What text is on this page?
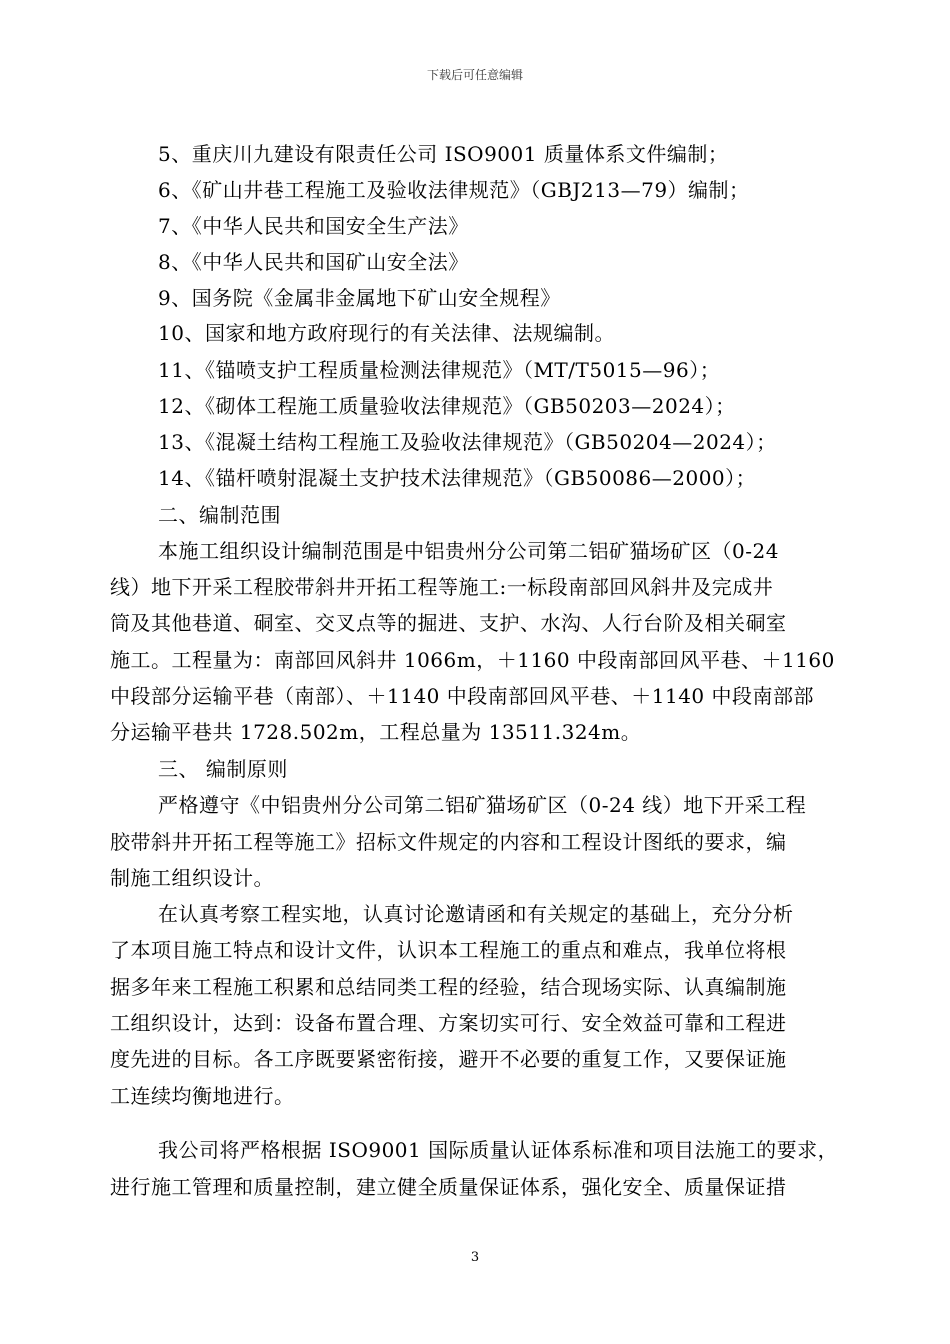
下载后可任意编辑
5、重庆川九建设有限责任公司 ISO9001 质量体系文件编制；
6、《矿山井巷工程施工及验收法律规范》（GBJ213—79）编制；
7、《中华人民共和国安全生产法》
8、《中华人民共和国矿山安全法》
9、国务院《金属非金属地下矿山安全规程》
10、国家和地方政府现行的有关法律、法规编制。
11、《锚喷支护工程质量检测法律规范》（MT/T5015—96）；
12、《砌体工程施工质量验收法律规范》（GB50203—2024）；
13、《混凝土结构工程施工及验收法律规范》（GB50204—2024）；
14、《锚杆喷射混凝土支护技术法律规范》（GB50086—2000）；
二、编制范围
本施工组织设计编制范围是中铝贵州分公司第二铝矿猫场矿区（0-24
线）地下开采工程胶带斜井开拓工程等施工:一标段南部回风斜井及完成井
筒及其他巷道、硐室、交叉点等的掘进、支护、水沟、人行台阶及相关硐室
施工。工程量为：南部回风斜井 1066m，＋1160 中段南部回风平巷、＋1160
中段部分运输平巷（南部）、＋1140 中段南部回风平巷、＋1140 中段南部部
分运输平巷共 1728.502m，工程总量为 13511.324m。
三、 编制原则
严格遵守《中铝贵州分公司第二铝矿猫场矿区（0-24 线）地下开采工程
胶带斜井开拓工程等施工》招标文件规定的内容和工程设计图纸的要求，编
制施工组织设计。
在认真考察工程实地，认真讨论邀请函和有关规定的基础上，充分分析
了本项目施工特点和设计文件，认识本工程施工的重点和难点，我单位将根
据多年来工程施工积累和总结同类工程的经验，结合现场实际、认真编制施
工组织设计，达到：设备布置合理、方案切实可行、安全效益可靠和工程进
度先进的目标。各工序既要紧密衔接，避开不必要的重复工作，又要保证施
工连续均衡地进行。
我公司将严格根据 ISO9001 国际质量认证体系标准和项目法施工的要求，
进行施工管理和质量控制，建立健全质量保证体系，强化安全、质量保证措
3
